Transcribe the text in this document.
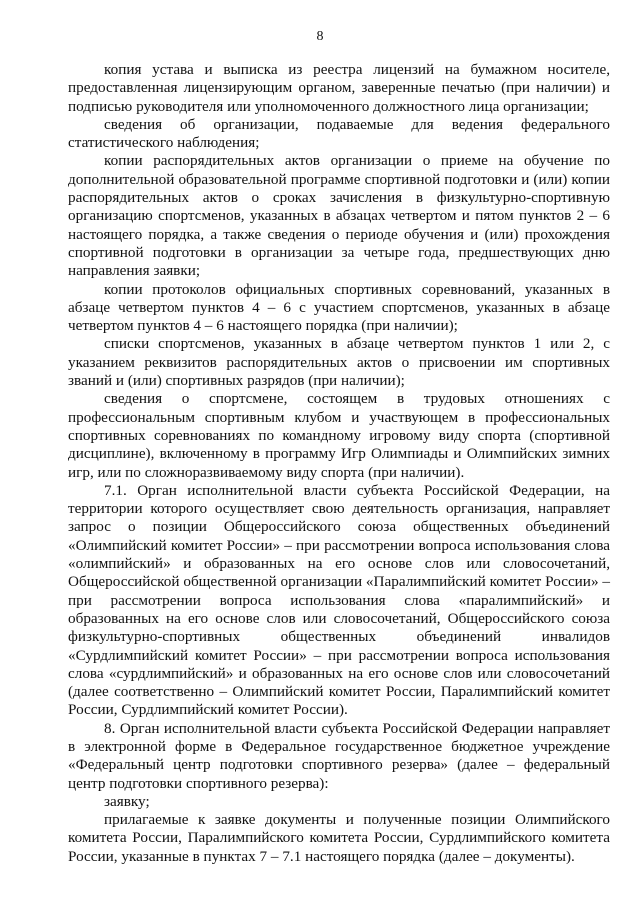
8

копия устава и выписка из реестра лицензий на бумажном носителе, предоставленная лицензирующим органом, заверенные печатью (при наличии) и подписью руководителя или уполномоченного должностного лица организации;

сведения об организации, подаваемые для ведения федерального статистического наблюдения;

копии распорядительных актов организации о приеме на обучение по дополнительной образовательной программе спортивной подготовки и (или) копии распорядительных актов о сроках зачисления в физкультурно-спортивную организацию спортсменов, указанных в абзацах четвертом и пятом пунктов 2 – 6 настоящего порядка, а также сведения о периоде обучения и (или) прохождения спортивной подготовки в организации за четыре года, предшествующих дню направления заявки;

копии протоколов официальных спортивных соревнований, указанных в абзаце четвертом пунктов 4 – 6 с участием спортсменов, указанных в абзаце четвертом пунктов 4 – 6 настоящего порядка (при наличии);

списки спортсменов, указанных в абзаце четвертом пунктов 1 или 2, с указанием реквизитов распорядительных актов о присвоении им спортивных званий и (или) спортивных разрядов (при наличии);

сведения о спортсмене, состоящем в трудовых отношениях с профессиональным спортивным клубом и участвующем в профессиональных спортивных соревнованиях по командному игровому виду спорта (спортивной дисциплине), включенному в программу Игр Олимпиады и Олимпийских зимних игр, или по сложноразвиваемому виду спорта (при наличии).

7.1. Орган исполнительной власти субъекта Российской Федерации, на территории которого осуществляет свою деятельность организация, направляет запрос о позиции Общероссийского союза общественных объединений «Олимпийский комитет России» – при рассмотрении вопроса использования слова «олимпийский» и образованных на его основе слов или словосочетаний, Общероссийской общественной организации «Паралимпийский комитет России» – при рассмотрении вопроса использования слова «паралимпийский» и образованных на его основе слов или словосочетаний, Общероссийского союза физкультурно-спортивных общественных объединений инвалидов «Сурдлимпийский комитет России» – при рассмотрении вопроса использования слова «сурдлимпийский» и образованных на его основе слов или словосочетаний (далее соответственно – Олимпийский комитет России, Паралимпийский комитет России, Сурдлимпийский комитет России).

8. Орган исполнительной власти субъекта Российской Федерации направляет в электронной форме в Федеральное государственное бюджетное учреждение «Федеральный центр подготовки спортивного резерва» (далее – федеральный центр подготовки спортивного резерва):

заявку;

прилагаемые к заявке документы и полученные позиции Олимпийского комитета России, Паралимпийского комитета России, Сурдлимпийского комитета России, указанные в пунктах 7 – 7.1 настоящего порядка (далее – документы).
